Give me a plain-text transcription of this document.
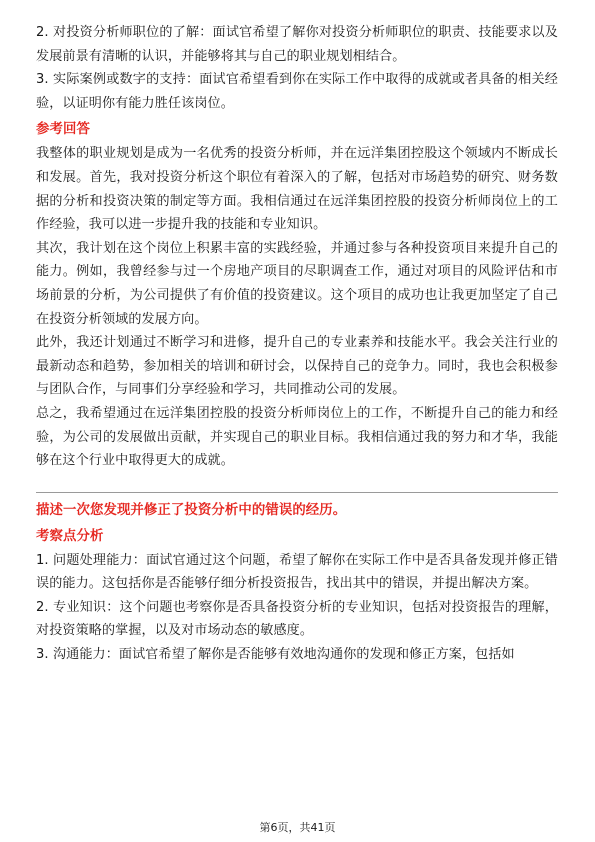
2. 对投资分析师职位的了解：面试官希望了解你对投资分析师职位的职责、技能要求以及发展前景有清晰的认识，并能够将其与自己的职业规划相结合。

3. 实际案例或数字的支持：面试官希望看到你在实际工作中取得的成就或者具备的相关经验，以证明你有能力胜任该岗位。

参考回答

我整体的职业规划是成为一名优秀的投资分析师，并在远洋集团控股这个领域内不断成长和发展。首先，我对投资分析这个职位有着深入的了解，包括对市场趋势的研究、财务数据的分析和投资决策的制定等方面。我相信通过在远洋集团控股的投资分析师岗位上的工作经验，我可以进一步提升我的技能和专业知识。

其次，我计划在这个岗位上积累丰富的实践经验，并通过参与各种投资项目来提升自己的能力。例如，我曾经参与过一个房地产项目的尽职调查工作，通过对项目的风险评估和市场前景的分析，为公司提供了有价值的投资建议。这个项目的成功也让我更加坚定了自己在投资分析领域的发展方向。

此外，我还计划通过不断学习和进修，提升自己的专业素养和技能水平。我会关注行业的最新动态和趋势，参加相关的培训和研讨会，以保持自己的竞争力。同时，我也会积极参与团队合作，与同事们分享经验和学习，共同推动公司的发展。

总之，我希望通过在远洋集团控股的投资分析师岗位上的工作，不断提升自己的能力和经验，为公司的发展做出贡献，并实现自己的职业目标。我相信通过我的努力和才华，我能够在这个行业中取得更大的成就。

描述一次您发现并修正了投资分析中的错误的经历。

考察点分析

1. 问题处理能力：面试官通过这个问题，希望了解你在实际工作中是否具备发现并修正错误的能力。这包括你是否能够仔细分析投资报告，找出其中的错误，并提出解决方案。

2. 专业知识：这个问题也考察你是否具备投资分析的专业知识，包括对投资报告的理解，对投资策略的掌握，以及对市场动态的敏感度。

3. 沟通能力：面试官希望了解你是否能够有效地沟通你的发现和修正方案，包括如

第6页，共41页
